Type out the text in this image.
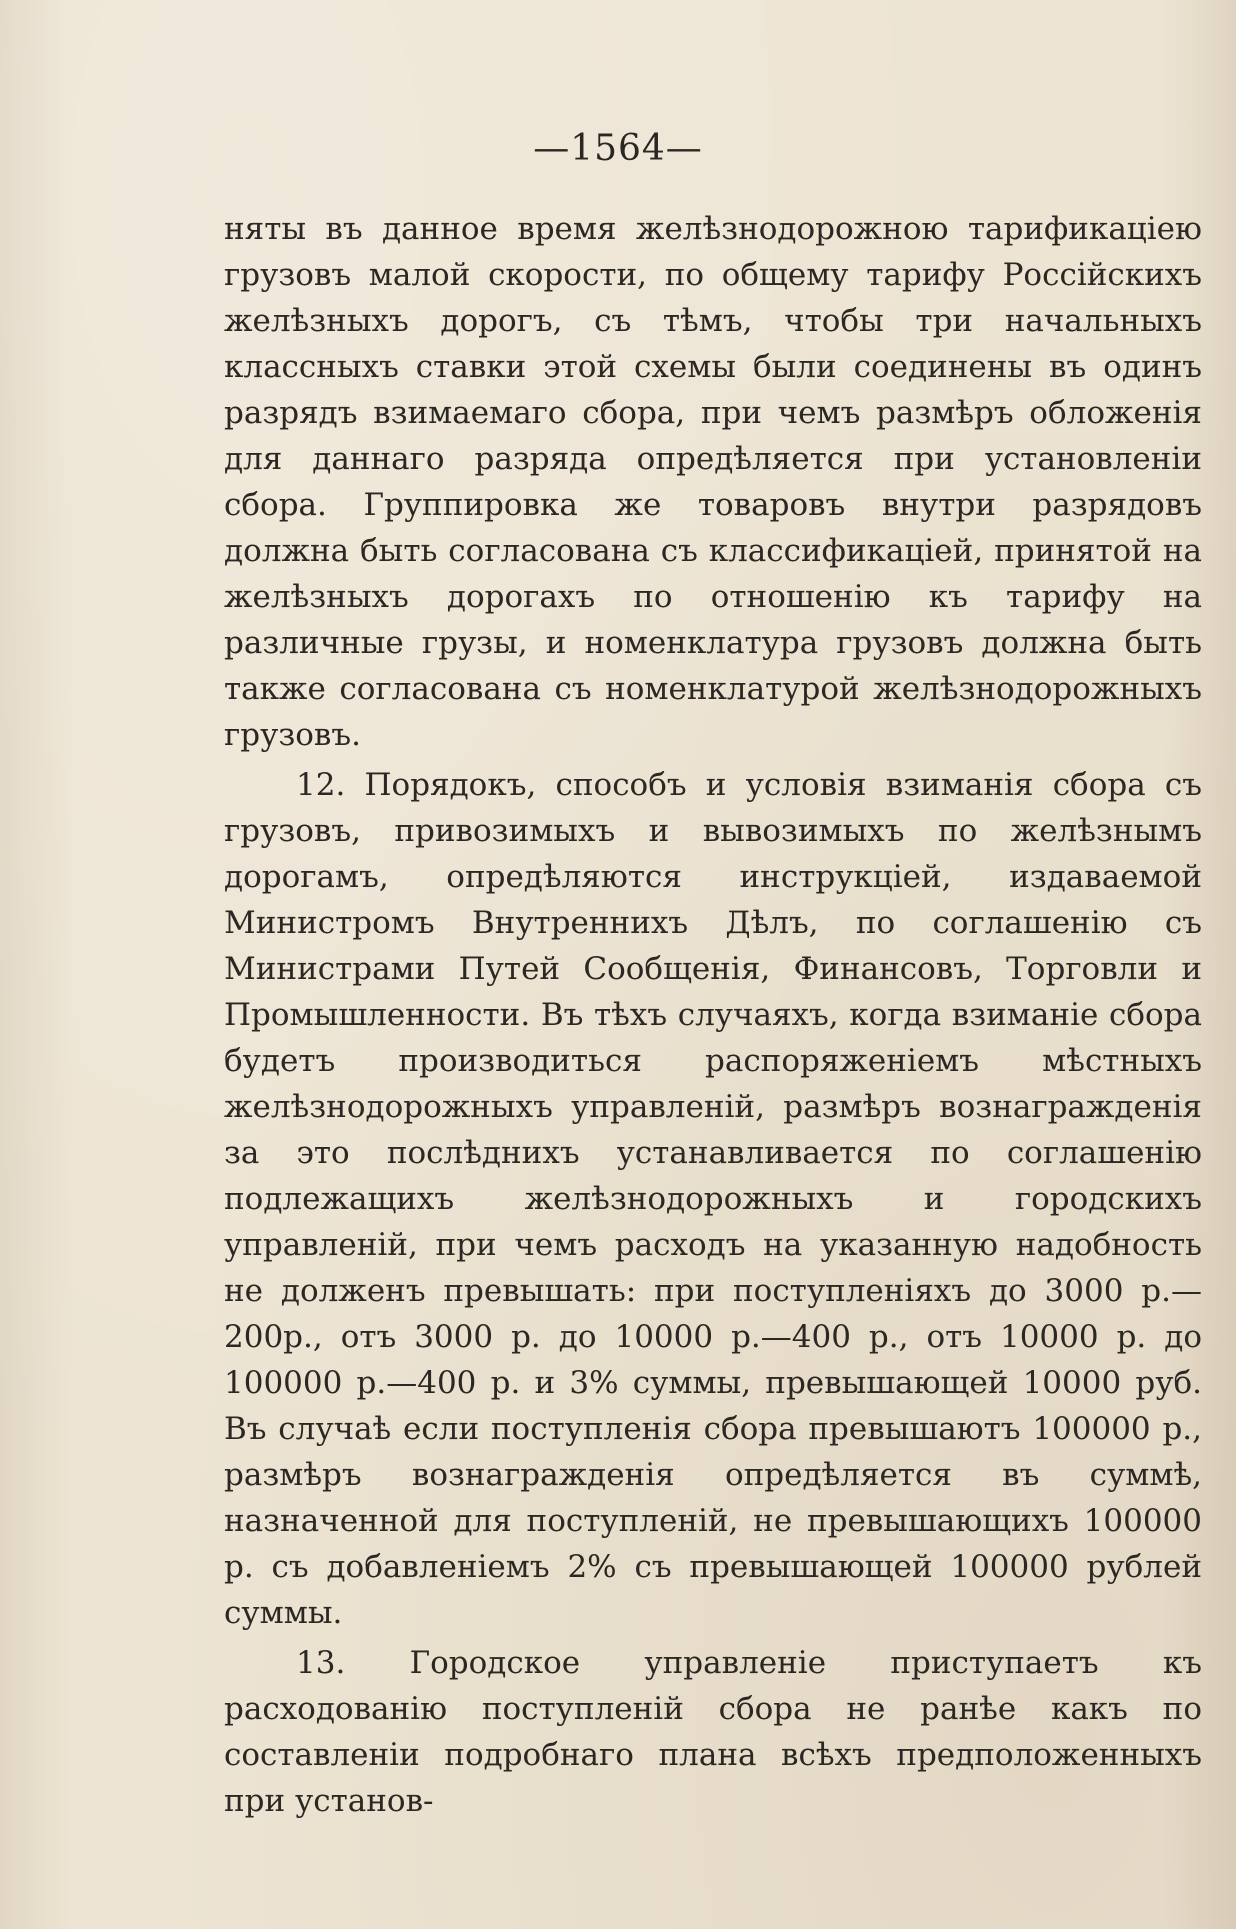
—1564—

няты въ данное время желѣзнодорожною тарификаціею грузовъ малой скорости, по общему тарифу Россійскихъ желѣзныхъ дорогъ, съ тѣмъ, чтобы три начальныхъ классныхъ ставки этой схемы были соединены въ одинъ разрядъ взимаемаго сбора, при чемъ размѣръ обложенія для даннаго разряда опредѣляется при установленіи сбора. Группировка же товаровъ внутри разрядовъ должна быть согласована съ классификаціей, принятой на желѣзныхъ дорогахъ по отношенію къ тарифу на различные грузы, и номенклатура грузовъ должна быть также согласована съ номенклатурой желѣзнодорожныхъ грузовъ.

12. Порядокъ, способъ и условія взиманія сбора съ грузовъ, привозимыхъ и вывозимыхъ по желѣзнымъ дорогамъ, опредѣляются инструкціей, издаваемой Министромъ Внутреннихъ Дѣлъ, по соглашенію съ Министрами Путей Сообщенія, Финансовъ, Торговли и Промышленности. Въ тѣхъ случаяхъ, когда взиманіе сбора будетъ производиться распоряженіемъ мѣстныхъ желѣзнодорожныхъ управленій, размѣръ вознагражденія за это послѣднихъ устанавливается по соглашенію подлежащихъ желѣзнодорожныхъ и городскихъ управленій, при чемъ расходъ на указанную надобность не долженъ превышать: при поступленіяхъ до 3000 р.—200р., отъ 3000 р. до 10000 р.—400 р., отъ 10000 р. до 100000 р.—400 р. и 3% суммы, превышающей 10000 руб. Въ случаѣ если поступленія сбора превышаютъ 100000 р., размѣръ вознагражденія опредѣляется въ суммѣ, назначенной для поступленій, не превышающихъ 100000 р. съ добавленіемъ 2% съ превышающей 100000 рублей суммы.

13. Городское управленіе приступаетъ къ расходованію поступленій сбора не ранѣе какъ по составленіи подробнаго плана всѣхъ предположенныхъ при установ-
